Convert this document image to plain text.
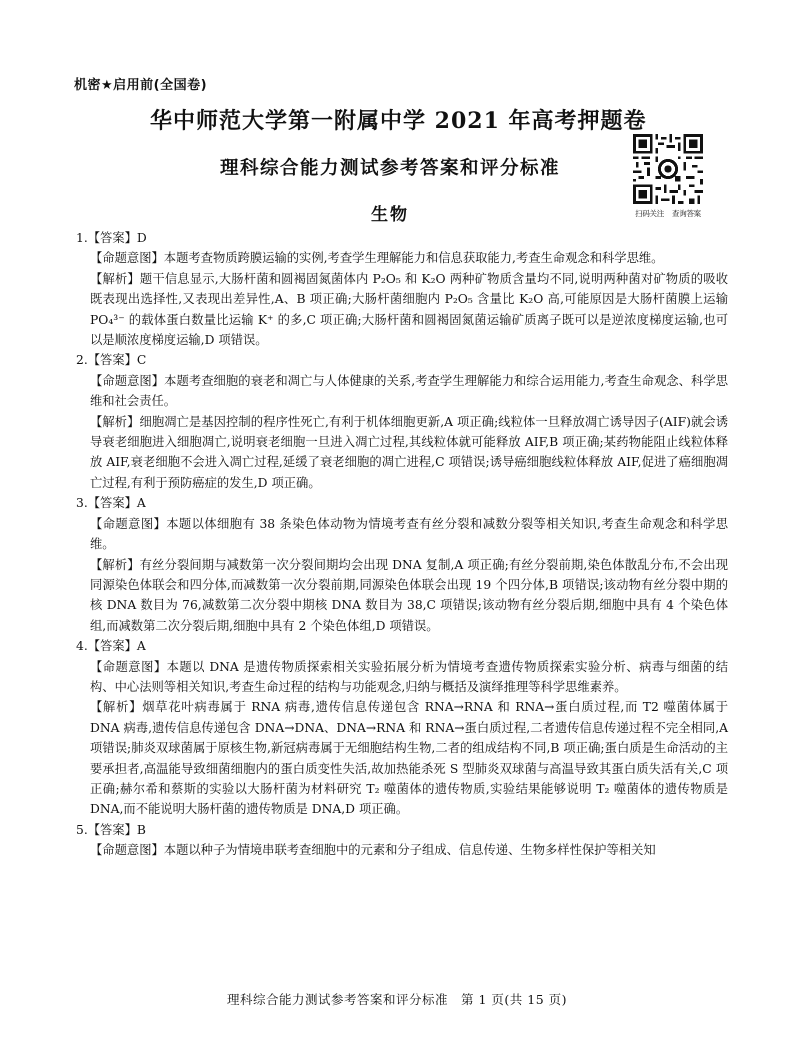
机密★启用前(全国卷)
华中师范大学第一附属中学 2021 年高考押题卷
理科综合能力测试参考答案和评分标准
生物	扫码关注 查询答案
1.【答案】D

【命题意图】本题考查物质跨膜运输的实例,考查学生理解能力和信息获取能力,考查生命观念和科学思维。

【解析】题干信息显示,大肠杆菌和圆褐固氮菌体内 P₂O₅ 和 K₂O 两种矿物质含量均不同,说明两种菌对矿物质的吸收既表现出选择性,又表现出差异性,A、B 项正确;大肠杆菌细胞内 P₂O₅ 含量比 K₂O 高,可能原因是大肠杆菌膜上运输 PO₄³⁻ 的载体蛋白数量比运输 K⁺ 的多,C 项正确;大肠杆菌和圆褐固氮菌运输矿质离子既可以是逆浓度梯度运输,也可以是顺浓度梯度运输,D 项错误。

2.【答案】C

【命题意图】本题考查细胞的衰老和凋亡与人体健康的关系,考查学生理解能力和综合运用能力,考查生命观念、科学思维和社会责任。

【解析】细胞凋亡是基因控制的程序性死亡,有利于机体细胞更新,A 项正确;线粒体一旦释放凋亡诱导因子(AIF)就会诱导衰老细胞进入细胞凋亡,说明衰老细胞一旦进入凋亡过程,其线粒体就可能释放 AIF,B 项正确;某药物能阻止线粒体释放 AIF,衰老细胞不会进入凋亡过程,延缓了衰老细胞的凋亡进程,C 项错误;诱导癌细胞线粒体释放 AIF,促进了癌细胞凋亡过程,有利于预防癌症的发生,D 项正确。

3.【答案】A

【命题意图】本题以体细胞有 38 条染色体动物为情境考查有丝分裂和减数分裂等相关知识,考查生命观念和科学思维。

【解析】有丝分裂间期与减数第一次分裂间期均会出现 DNA 复制,A 项正确;有丝分裂前期,染色体散乱分布,不会出现同源染色体联会和四分体,而减数第一次分裂前期,同源染色体联会出现 19 个四分体,B 项错误;该动物有丝分裂中期的核 DNA 数目为 76,减数第二次分裂中期核 DNA 数目为 38,C 项错误;该动物有丝分裂后期,细胞中具有 4 个染色体组,而减数第二次分裂后期,细胞中具有 2 个染色体组,D 项错误。

4.【答案】A

【命题意图】本题以 DNA 是遗传物质探索相关实验拓展分析为情境考查遗传物质探索实验分析、病毒与细菌的结构、中心法则等相关知识,考查生命过程的结构与功能观念,归纳与概括及演绎推理等科学思维素养。

【解析】烟草花叶病毒属于 RNA 病毒,遗传信息传递包含 RNA→RNA 和 RNA→蛋白质过程,而 T2 噬菌体属于 DNA 病毒,遗传信息传递包含 DNA→DNA、DNA→RNA 和 RNA→蛋白质过程,二者遗传信息传递过程不完全相同,A 项错误;肺炎双球菌属于原核生物,新冠病毒属于无细胞结构生物,二者的组成结构不同,B 项正确;蛋白质是生命活动的主要承担者,高温能导致细菌细胞内的蛋白质变性失活,故加热能杀死 S 型肺炎双球菌与高温导致其蛋白质失活有关,C 项正确;赫尔希和蔡斯的实验以大肠杆菌为材料研究 T₂ 噬菌体的遗传物质,实验结果能够说明 T₂ 噬菌体的遗传物质是 DNA,而不能说明大肠杆菌的遗传物质是 DNA,D 项正确。

5.【答案】B

【命题意图】本题以种子为情境串联考查细胞中的元素和分子组成、信息传递、生物多样性保护等相关知

理科综合能力测试参考答案和评分标准　第 1 页(共 15 页)
